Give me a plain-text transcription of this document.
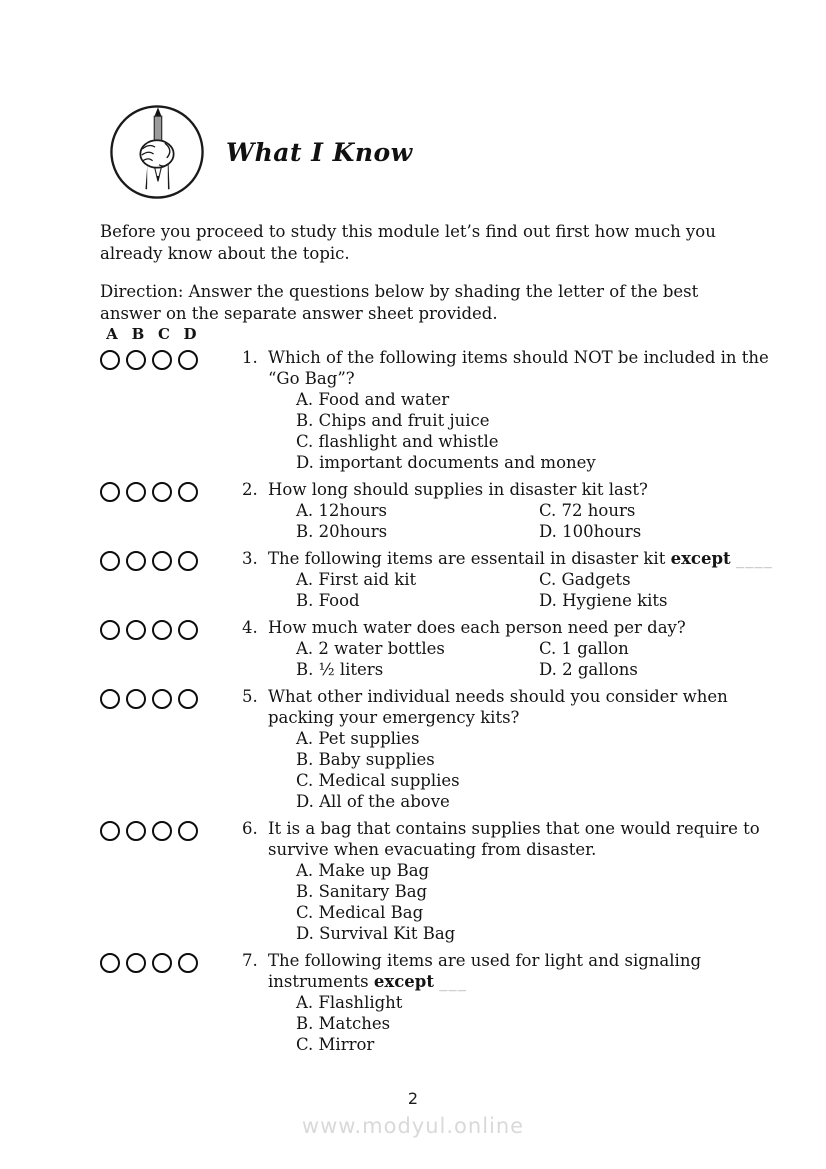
What I Know
Before you proceed to study this module let’s find out first how much you
already know about the topic.
Direction: Answer the questions below by shading the letter of the best
answer on the separate answer sheet provided.
A B C D
1. Which of the following items should NOT be included in the
“Go Bag”?
A. Food and water
B. Chips and fruit juice
C. flashlight and whistle
D. important documents and money
2. How long should supplies in disaster kit last?
A. 12hours	C. 72 hours
B. 20hours	D. 100hours
3. The following items are essentail in disaster kit except ____
A. First aid kit	C. Gadgets
B. Food	D. Hygiene kits
4. How much water does each person need per day?
A. 2 water bottles	C. 1 gallon
B. ½ liters	D. 2 gallons
5. What other individual needs should you consider when
packing your emergency kits?
A. Pet supplies
B. Baby supplies
C. Medical supplies
D. All of the above
6. It is a bag that contains supplies that one would require to
survive when evacuating from disaster.
A. Make up Bag
B. Sanitary Bag
C. Medical Bag
D. Survival Kit Bag
7. The following items are used for light and signaling
instruments except ___
A. Flashlight
B. Matches
C. Mirror
2
www.modyul.online
